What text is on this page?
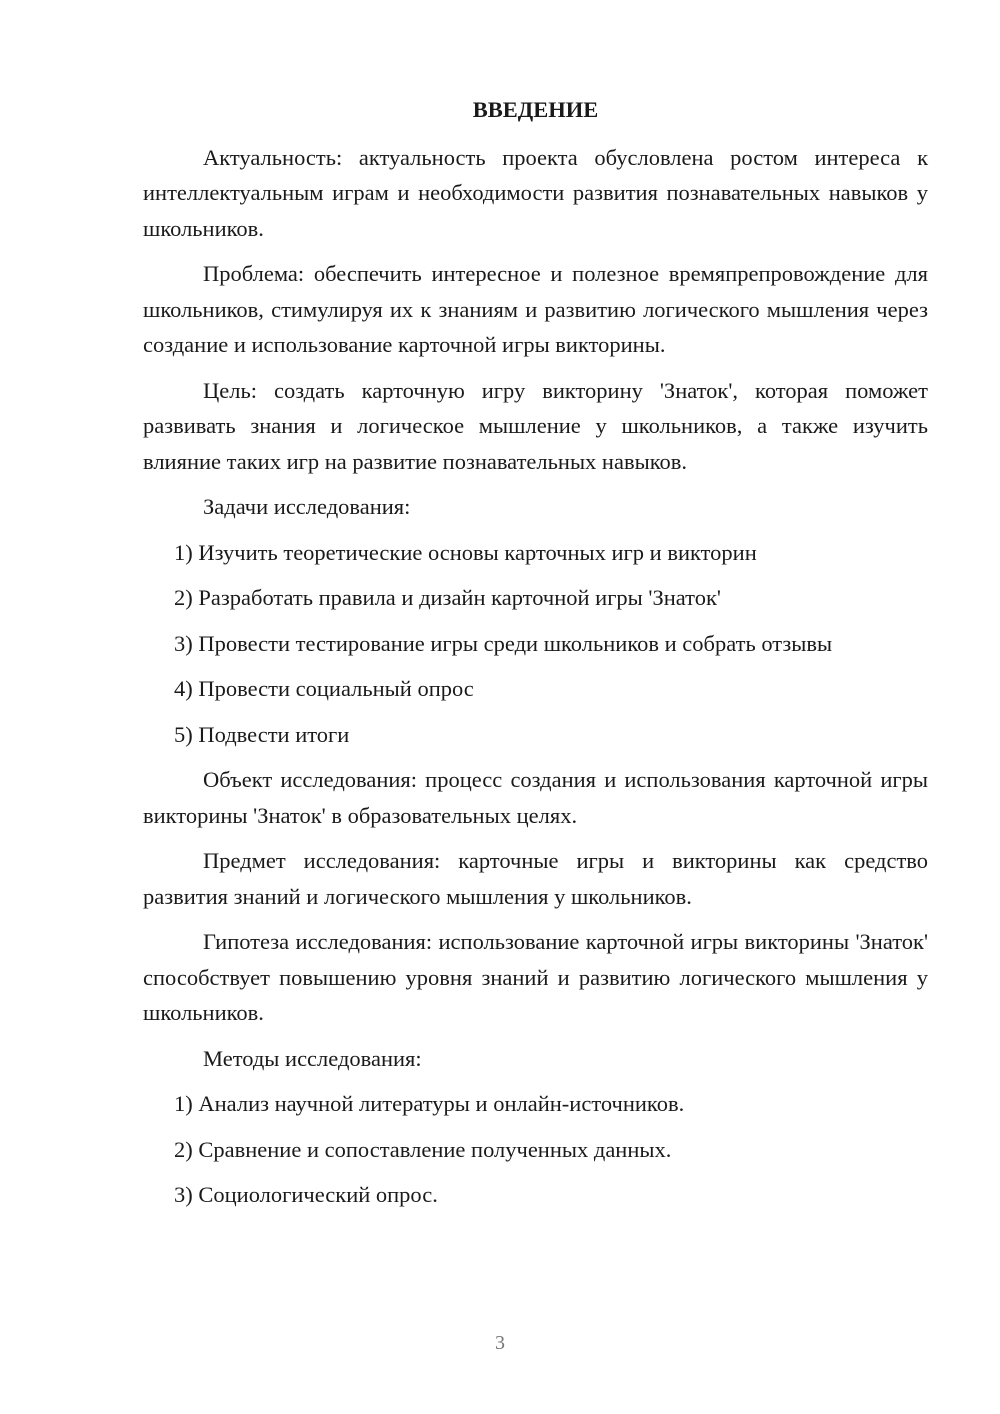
ВВЕДЕНИЕ

Актуальность: актуальность проекта обусловлена ростом интереса к интеллектуальным играм и необходимости развития познавательных навыков у школьников.

Проблема: обеспечить интересное и полезное времяпрепровождение для школьников, стимулируя их к знаниям и развитию логического мышления через создание и использование карточной игры викторины.

Цель: создать карточную игру викторину 'Знаток', которая поможет развивать знания и логическое мышление у школьников, а также изучить влияние таких игр на развитие познавательных навыков.

Задачи исследования:

1) Изучить теоретические основы карточных игр и викторин
2) Разработать правила и дизайн карточной игры 'Знаток'
3) Провести тестирование игры среди школьников и собрать отзывы
4) Провести социальный опрос
5) Подвести итоги

Объект исследования: процесс создания и использования карточной игры викторины 'Знаток' в образовательных целях.

Предмет исследования: карточные игры и викторины как средство развития знаний и логического мышления у школьников.

Гипотеза исследования: использование карточной игры викторины 'Знаток' способствует повышению уровня знаний и развитию логического мышления у школьников.

Методы исследования:

1) Анализ научной литературы и онлайн-источников.
2) Сравнение и сопоставление полученных данных.
3) Социологический опрос.
3
